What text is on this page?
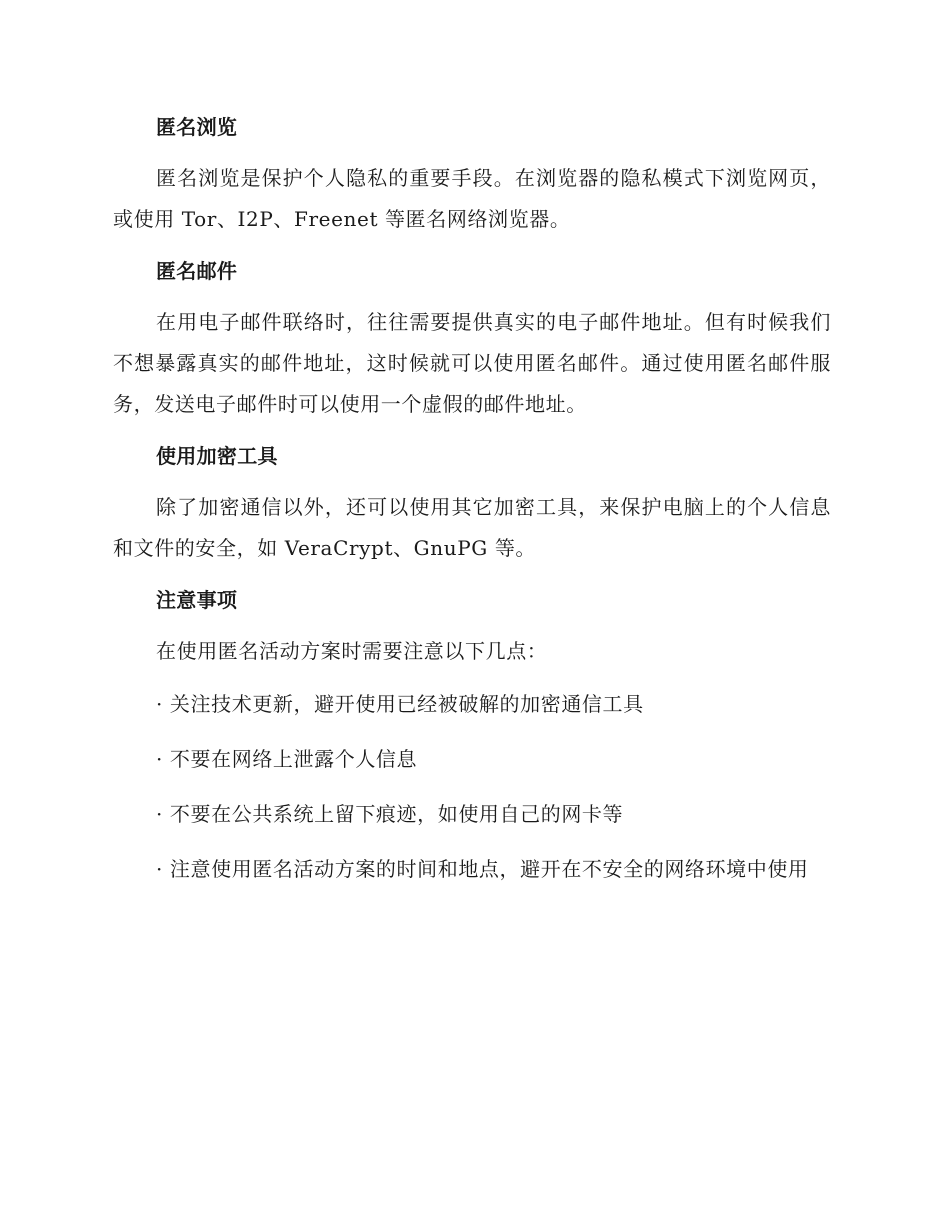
匿名浏览

匿名浏览是保护个人隐私的重要手段。在浏览器的隐私模式下浏览网页，或使用 Tor、I2P、Freenet 等匿名网络浏览器。

匿名邮件

在用电子邮件联络时，往往需要提供真实的电子邮件地址。但有时候我们不想暴露真实的邮件地址，这时候就可以使用匿名邮件。通过使用匿名邮件服务，发送电子邮件时可以使用一个虚假的邮件地址。

使用加密工具

除了加密通信以外，还可以使用其它加密工具，来保护电脑上的个人信息和文件的安全，如 VeraCrypt、GnuPG 等。

注意事项

在使用匿名活动方案时需要注意以下几点：

· 关注技术更新，避开使用已经被破解的加密通信工具

· 不要在网络上泄露个人信息

· 不要在公共系统上留下痕迹，如使用自己的网卡等

· 注意使用匿名活动方案的时间和地点，避开在不安全的网络环境中使用
